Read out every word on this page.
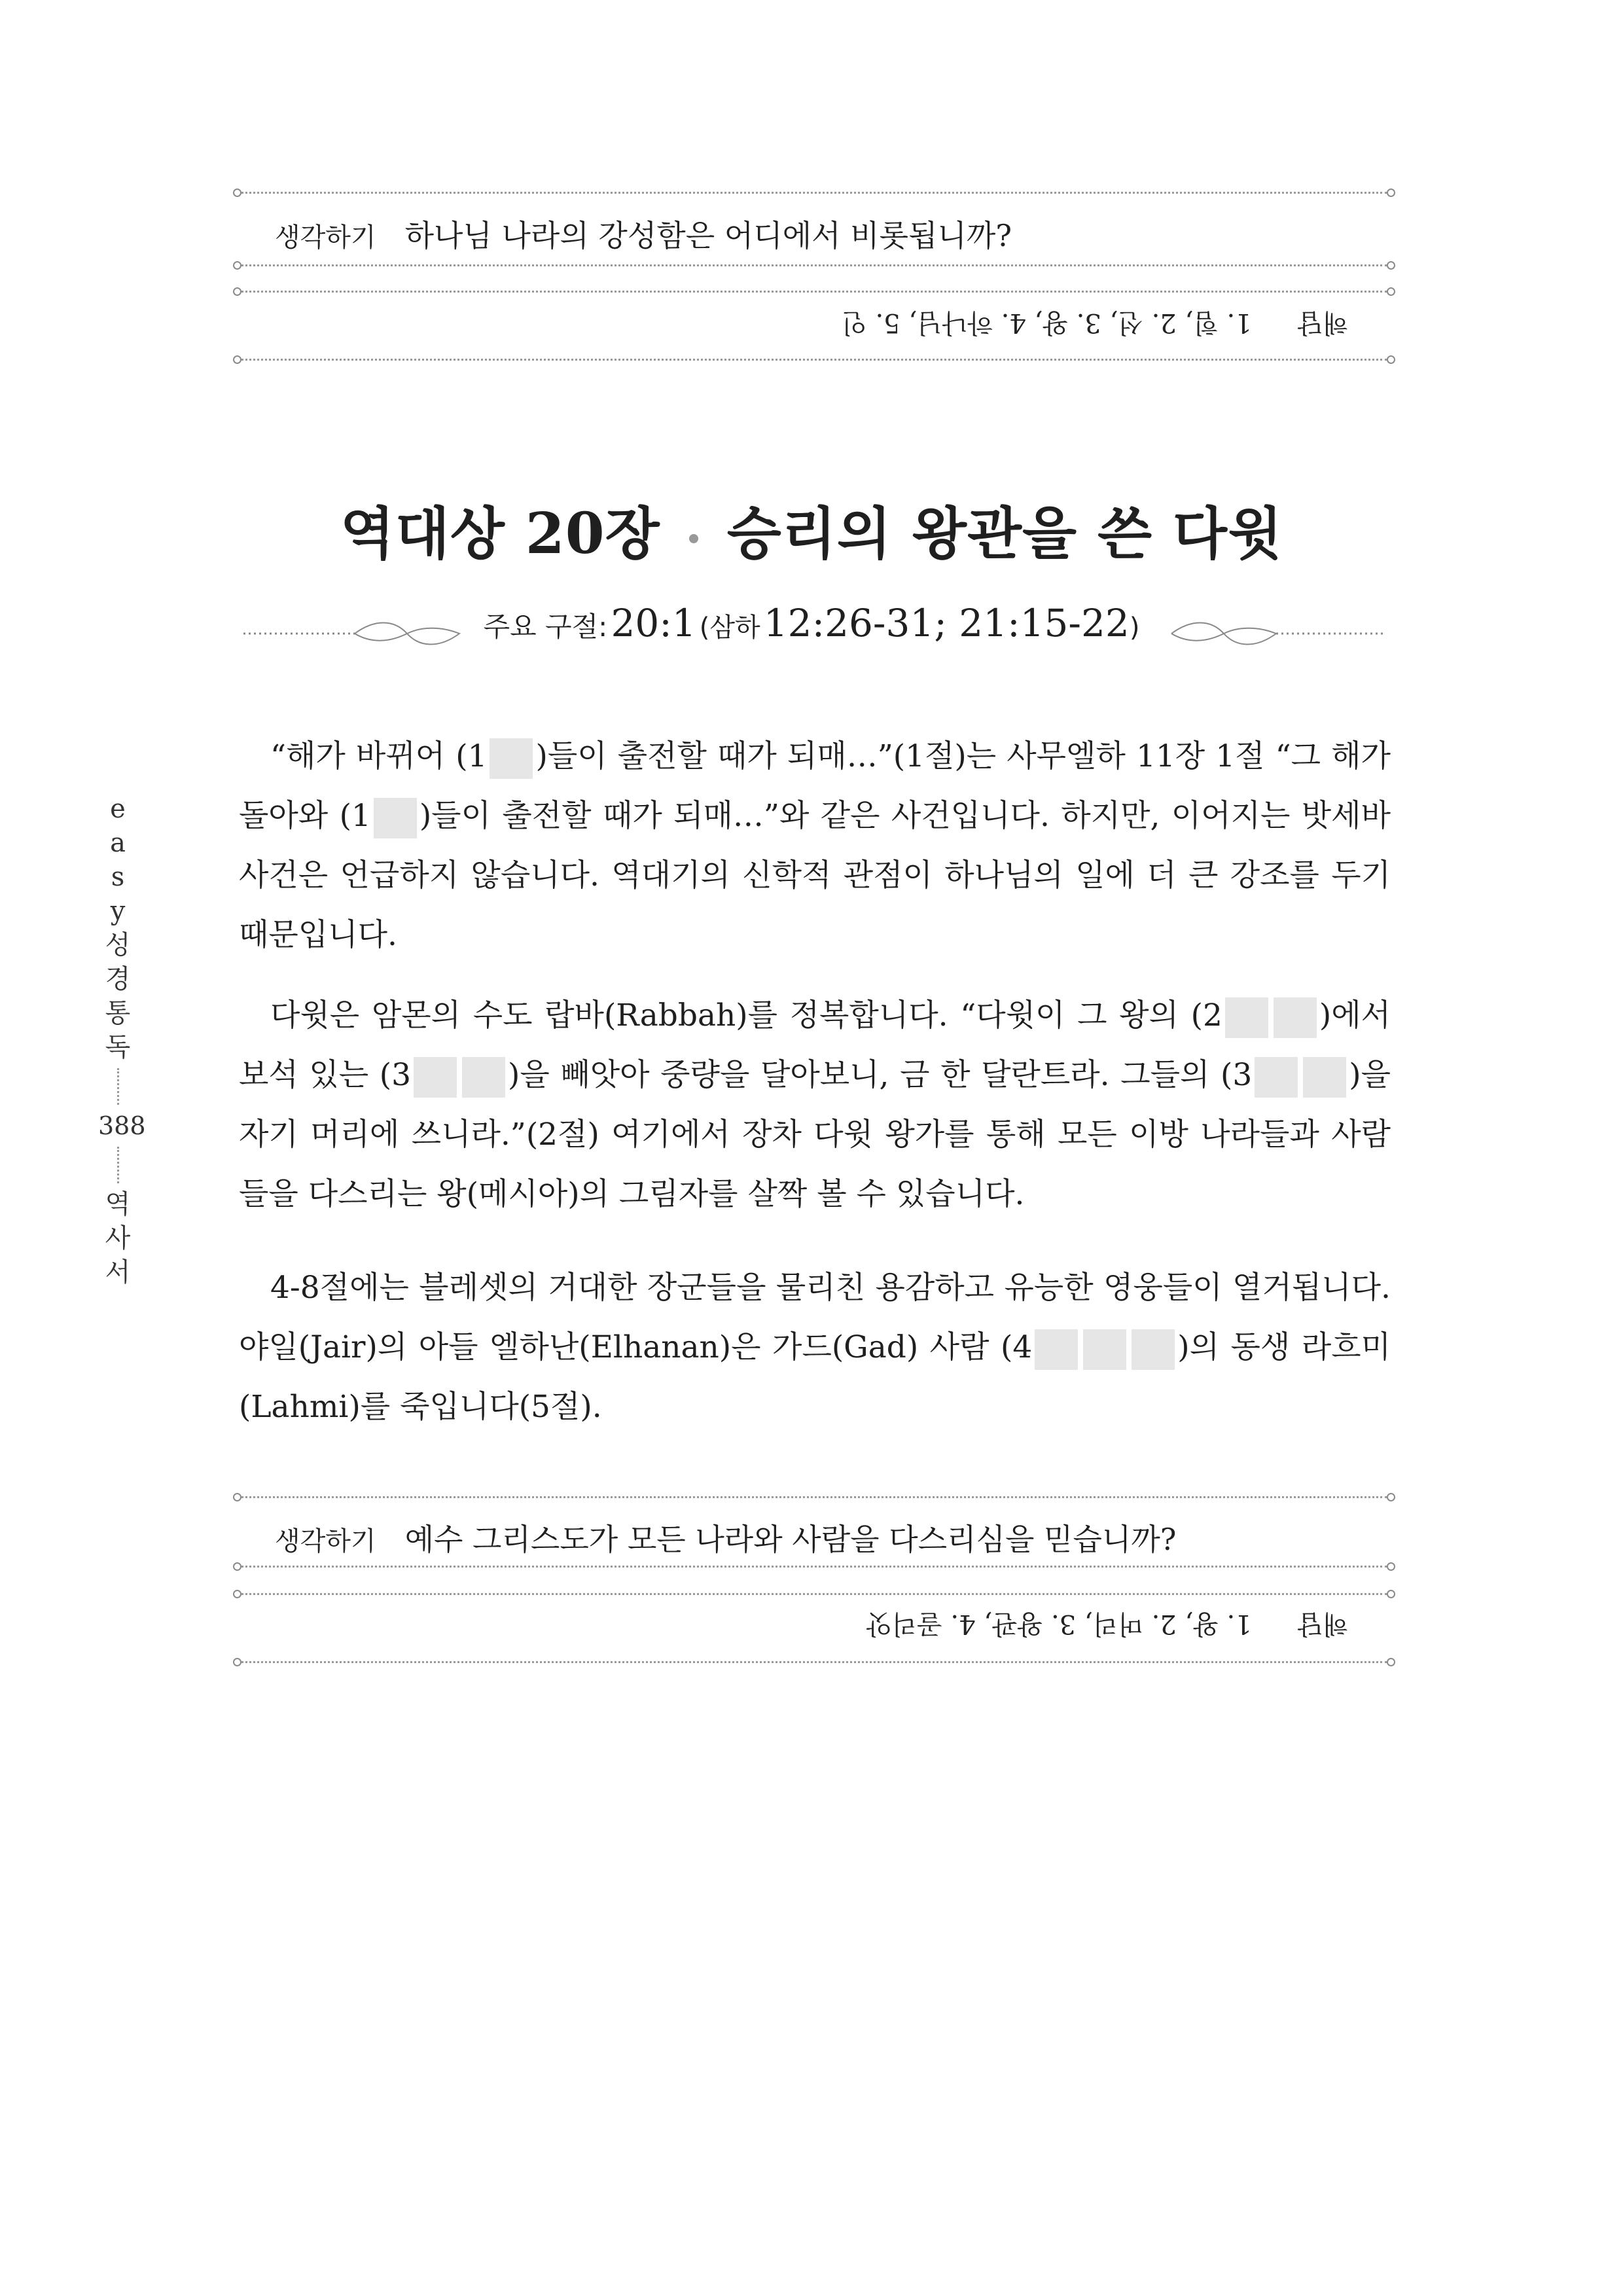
생각하기 하나님 나라의 강성함은 어디에서 비롯됩니까?
해답1. 힘, 2. 선, 3. 왕, 4. 하나님, 5. 인
역대상 20장 승리의 왕관을 쓴 다윗
주요 구절: 20:1 (삼하 12:26-31; 21:15-22)
“해가 바뀌어 (1 )들이 출전할 때가 되매…”(1절)는 사무엘하 11장 1절 “그 해가 돌아와 (1 )들이 출전할 때가 되매…”와 같은 사건입니다. 하지만, 이어지는 밧세바 사건은 언급하지 않습니다. 역대기의 신학적 관점이 하나님의 일에 더 큰 강조를 두기 때문입니다.
다윗은 암몬의 수도 랍바(Rabbah)를 정복합니다. “다윗이 그 왕의 (2	)에서 보석 있는 (3	)을 빼앗아 중량을 달아보니, 금 한 달란트라. 그들의 (3	)을 자기 머리에 쓰니라.”(2절) 여기에서 장차 다윗 왕가를 통해 모든 이방 나라들과 사람들을 다스리는 왕(메시아)의 그림자를 살짝 볼 수 있습니다.
4-8절에는 블레셋의 거대한 장군들을 물리친 용감하고 유능한 영웅들이 열거됩니다. 야일(Jair)의 아들 엘하난(Elhanan)은 가드(Gad) 사람 (4	)의 동생 라흐미(Lahmi)를 죽입니다(5절).
생각하기 예수 그리스도가 모든 나라와 사람을 다스리심을 믿습니까?
해답1. 왕, 2. 머리, 3. 왕관, 4. 골리앗
e
a
s
y
성
경
통
독
388
역
사
서
